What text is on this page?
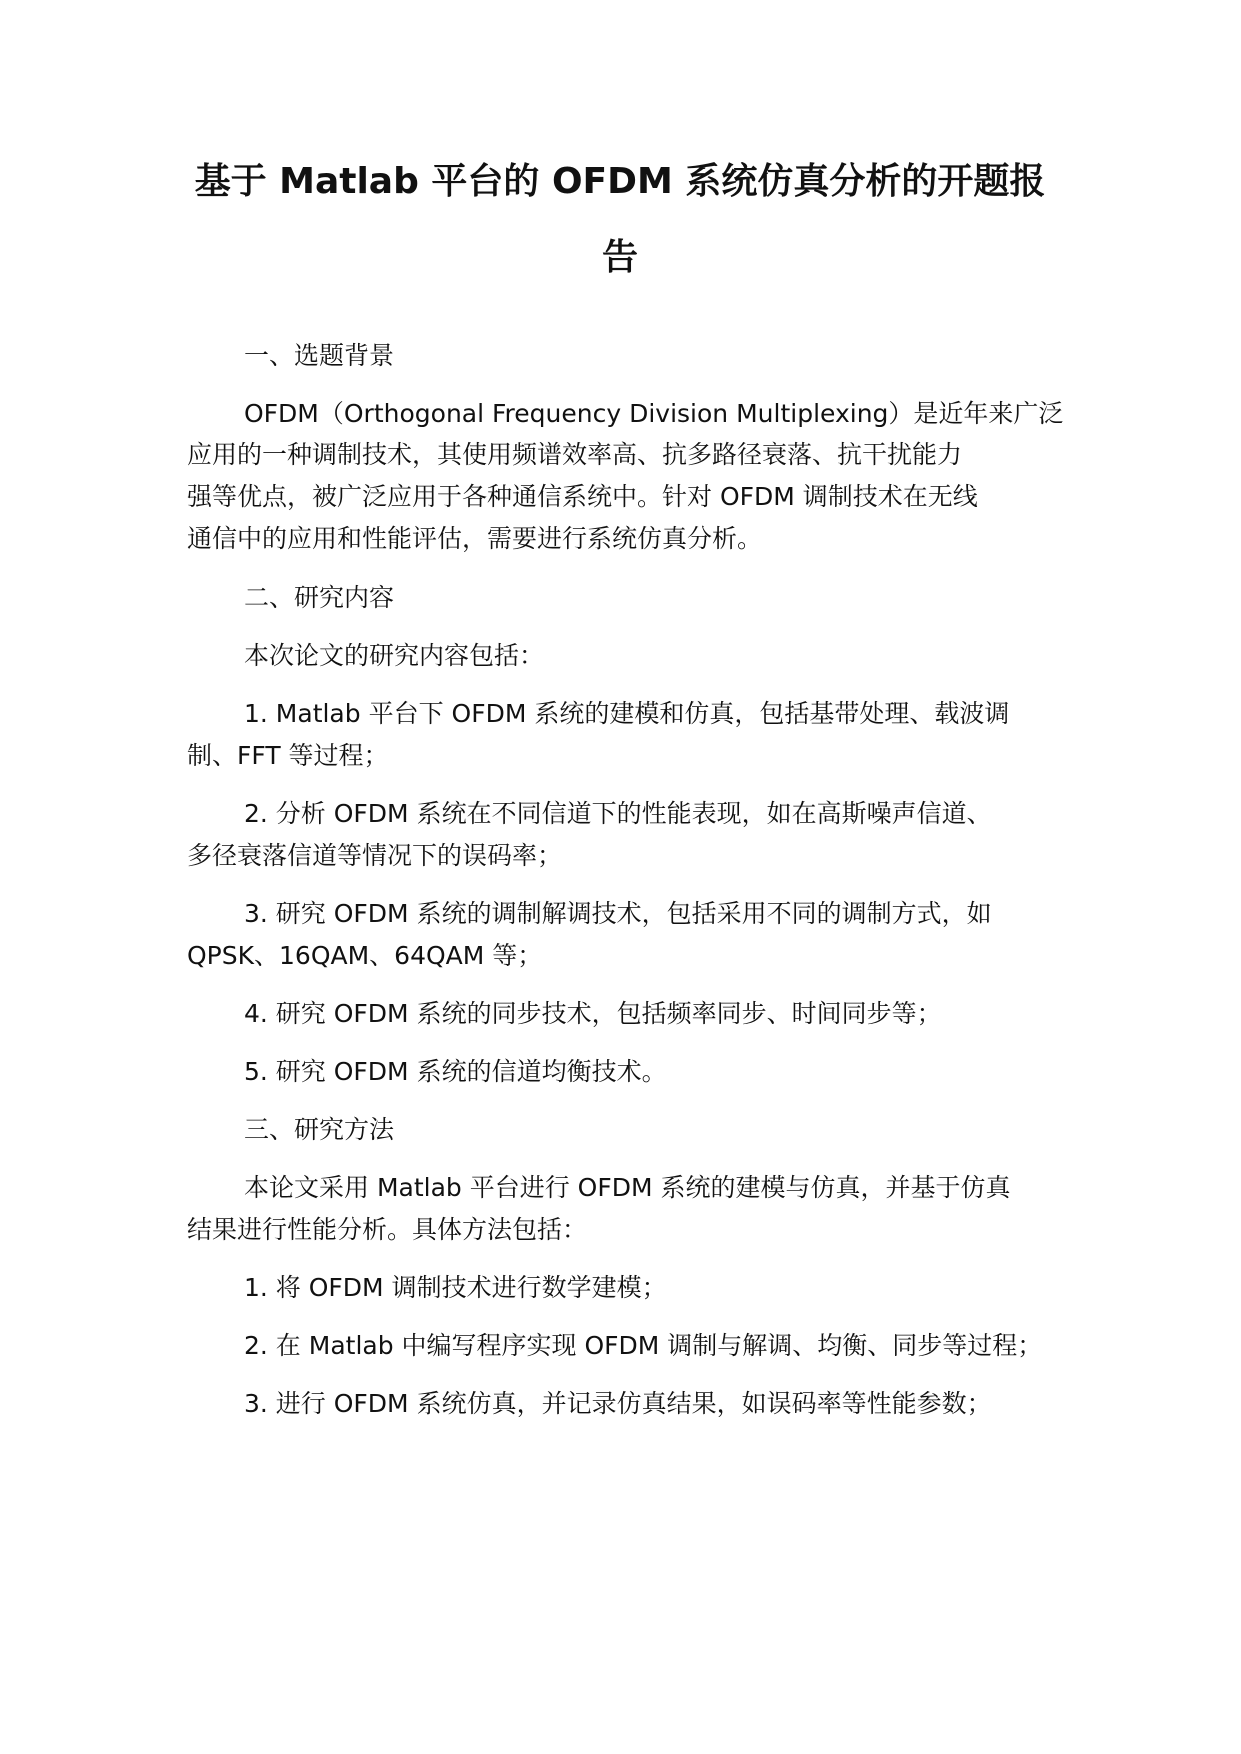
基于 Matlab 平台的 OFDM 系统仿真分析的开题报
告
一、选题背景
OFDM（Orthogonal Frequency Division Multiplexing）是近年来广泛
应用的一种调制技术，其使用频谱效率高、抗多路径衰落、抗干扰能力
强等优点，被广泛应用于各种通信系统中。针对 OFDM 调制技术在无线
通信中的应用和性能评估，需要进行系统仿真分析。
二、研究内容
本次论文的研究内容包括：
1. Matlab 平台下 OFDM 系统的建模和仿真，包括基带处理、载波调
制、FFT 等过程；
2. 分析 OFDM 系统在不同信道下的性能表现，如在高斯噪声信道、
多径衰落信道等情况下的误码率；
3. 研究 OFDM 系统的调制解调技术，包括采用不同的调制方式，如
QPSK、16QAM、64QAM 等；
4. 研究 OFDM 系统的同步技术，包括频率同步、时间同步等；
5. 研究 OFDM 系统的信道均衡技术。
三、研究方法
本论文采用 Matlab 平台进行 OFDM 系统的建模与仿真，并基于仿真
结果进行性能分析。具体方法包括：
1. 将 OFDM 调制技术进行数学建模；
2. 在 Matlab 中编写程序实现 OFDM 调制与解调、均衡、同步等过程；
3. 进行 OFDM 系统仿真，并记录仿真结果，如误码率等性能参数；
